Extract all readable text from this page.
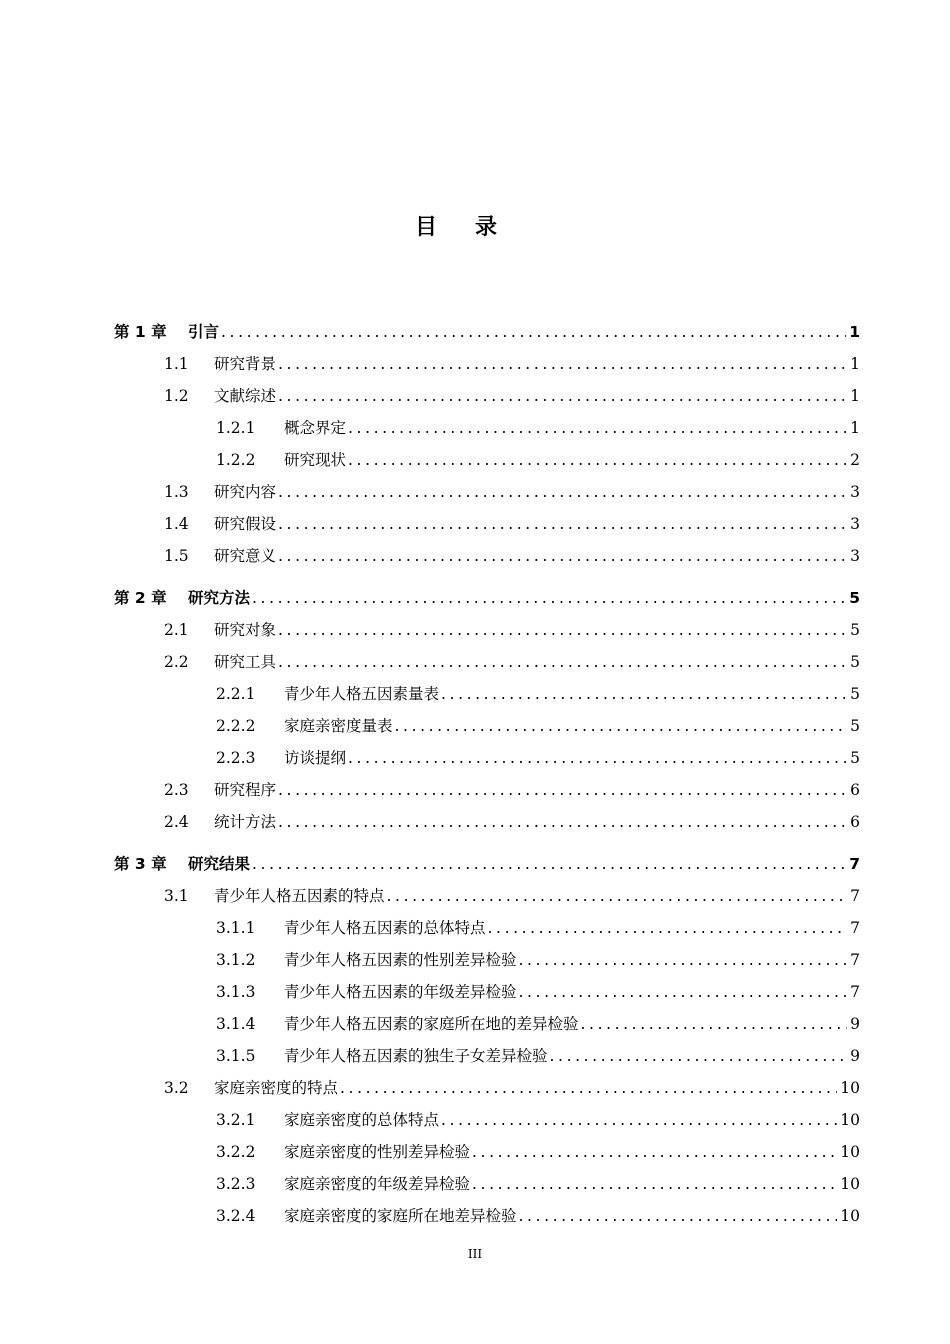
目录
第 1 章	引言 .....	1
1.1	研究背景 .....	1
1.2	文献综述 .....	1
1.2.1	概念界定 .....	1
1.2.2	研究现状 .....	2
1.3	研究内容 .....	3
1.4	研究假设 .....	3
1.5	研究意义 .....	3
第 2 章	研究方法 .....	5
2.1	研究对象 .....	5
2.2	研究工具 .....	5
2.2.1	青少年人格五因素量表 .....	5
2.2.2	家庭亲密度量表 .....	5
2.2.3	访谈提纲 .....	5
2.3	研究程序 .....	6
2.4	统计方法 .....	6
第 3 章	研究结果 .....	7
3.1	青少年人格五因素的特点 .....	7
3.1.1	青少年人格五因素的总体特点 .....	7
3.1.2	青少年人格五因素的性别差异检验 .....	7
3.1.3	青少年人格五因素的年级差异检验 .....	7
3.1.4	青少年人格五因素的家庭所在地的差异检验 .....	9
3.1.5	青少年人格五因素的独生子女差异检验 .....	9
3.2	家庭亲密度的特点 .....	10
3.2.1	家庭亲密度的总体特点 .....	10
3.2.2	家庭亲密度的性别差异检验 .....	10
3.2.3	家庭亲密度的年级差异检验 .....	10
3.2.4	家庭亲密度的家庭所在地差异检验 .....	10
III
